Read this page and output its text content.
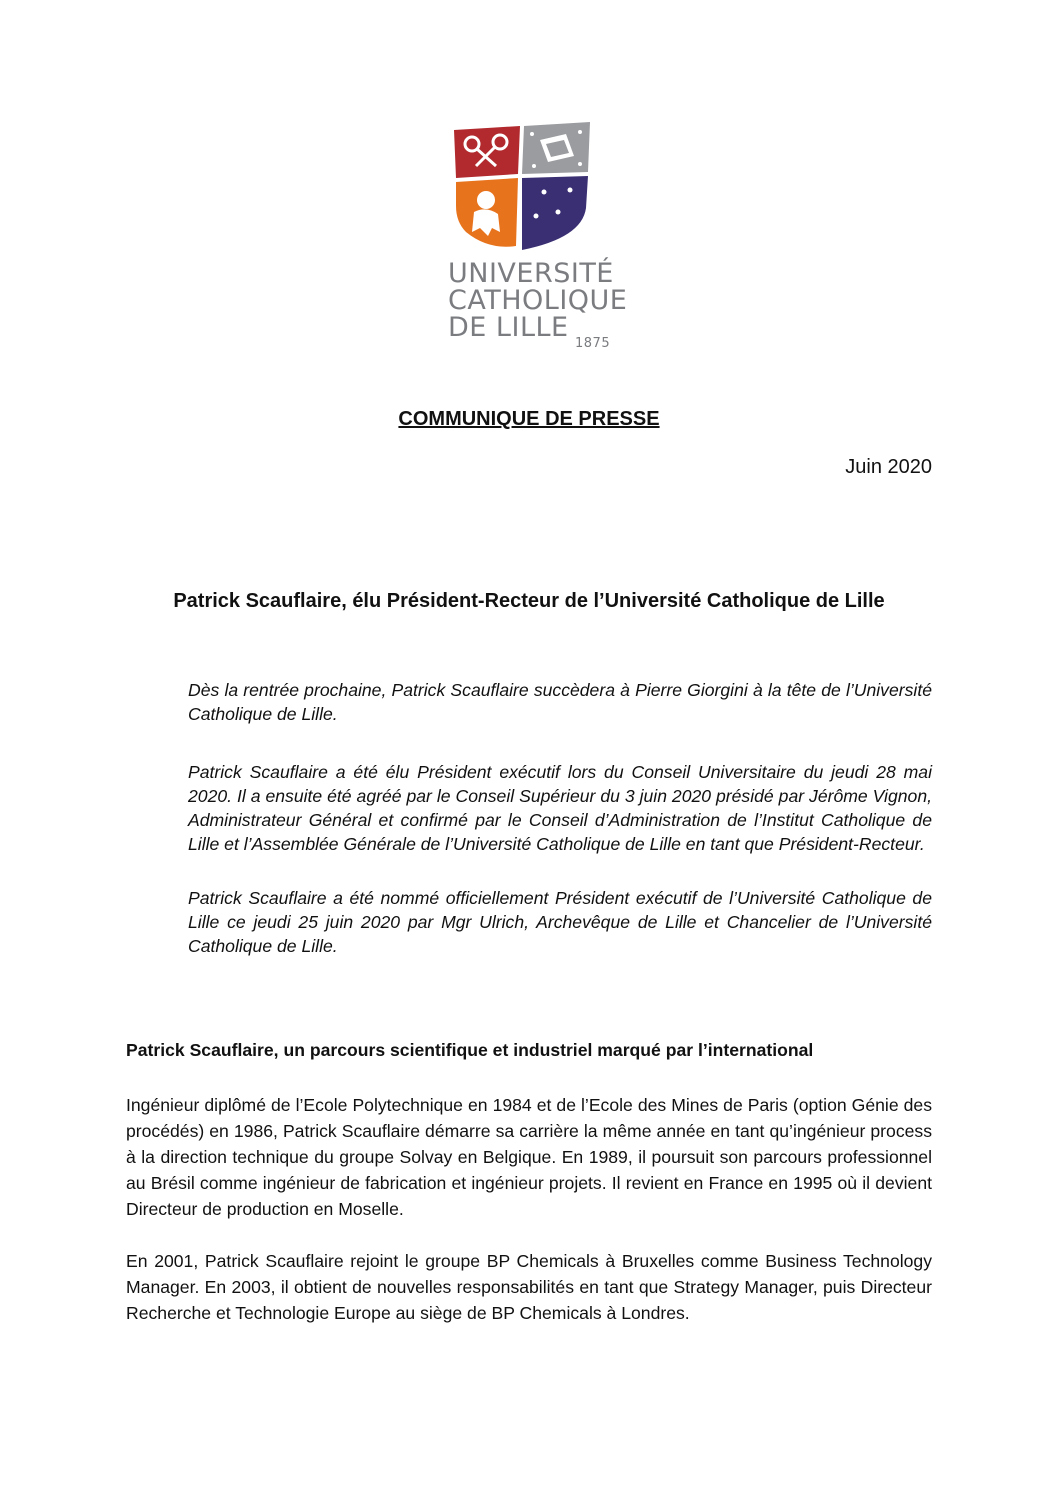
UNIVERSITÉ
CATHOLIQUE
DE LILLE
1875
COMMUNIQUE DE PRESSE
Juin 2020
Patrick Scauflaire, élu Président-Recteur de l’Université Catholique de Lille

Dès la rentrée prochaine, Patrick Scauflaire succèdera à Pierre Giorgini à la tête de l’Université Catholique de Lille.

Patrick Scauflaire a été élu Président exécutif lors du Conseil Universitaire du jeudi 28 mai 2020. Il a ensuite été agréé par le Conseil Supérieur du 3 juin 2020 présidé par Jérôme Vignon, Administrateur Général et confirmé par le Conseil d’Administration de l’Institut Catholique de Lille et l’Assemblée Générale de l’Université Catholique de Lille en tant que Président-Recteur.

Patrick Scauflaire a été nommé officiellement Président exécutif de l’Université Catholique de Lille ce jeudi 25 juin 2020 par Mgr Ulrich, Archevêque de Lille et Chancelier de l’Université Catholique de Lille.

Patrick Scauflaire, un parcours scientifique et industriel marqué par l’international

Ingénieur diplômé de l’Ecole Polytechnique en 1984 et de l’Ecole des Mines de Paris (option Génie des procédés) en 1986, Patrick Scauflaire démarre sa carrière la même année en tant qu’ingénieur process à la direction technique du groupe Solvay en Belgique. En 1989, il poursuit son parcours professionnel au Brésil comme ingénieur de fabrication et ingénieur projets. Il revient en France en 1995 où il devient Directeur de production en Moselle.

En 2001, Patrick Scauflaire rejoint le groupe BP Chemicals à Bruxelles comme Business Technology Manager. En 2003, il obtient de nouvelles responsabilités en tant que Strategy Manager, puis Directeur Recherche et Technologie Europe au siège de BP Chemicals à Londres.
